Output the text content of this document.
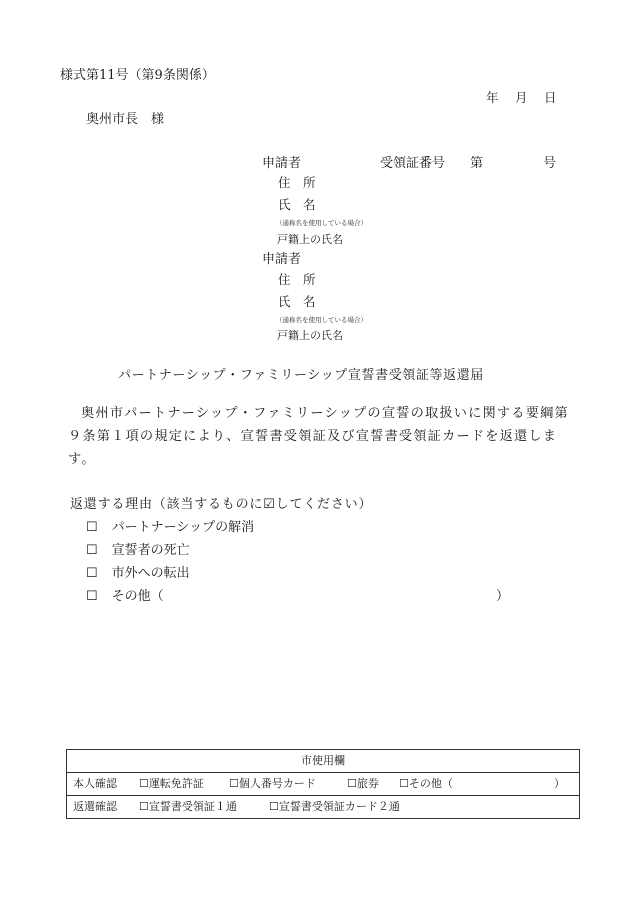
様式第11号（第9条関係）
年 月 日
奥州市長　様
申請者	受領証番号 第	号
住　所
氏　名
（通称名を使用している場合）
戸籍上の氏名
申請者
住　所
氏　名
（通称名を使用している場合）
戸籍上の氏名
パートナーシップ・ファミリーシップ宣誓書受領証等返還届
奥州市パートナーシップ・ファミリーシップの宣誓の取扱いに関する要綱第９条第１項の規定により、宣誓書受領証及び宣誓書受領証カードを返還します。
返還する理由（該当するものに☑してください）
☐ パートナーシップの解消
☐ 宣誓者の死亡
☐ 市外への転出
☐ その他（	）
市使用欄
本人確認 ☐運転免許証 ☐個人番号カード	☐旅券 ☐その他（	）
返還確認 ☐宣誓書受領証１通	☐宣誓書受領証カード２通
